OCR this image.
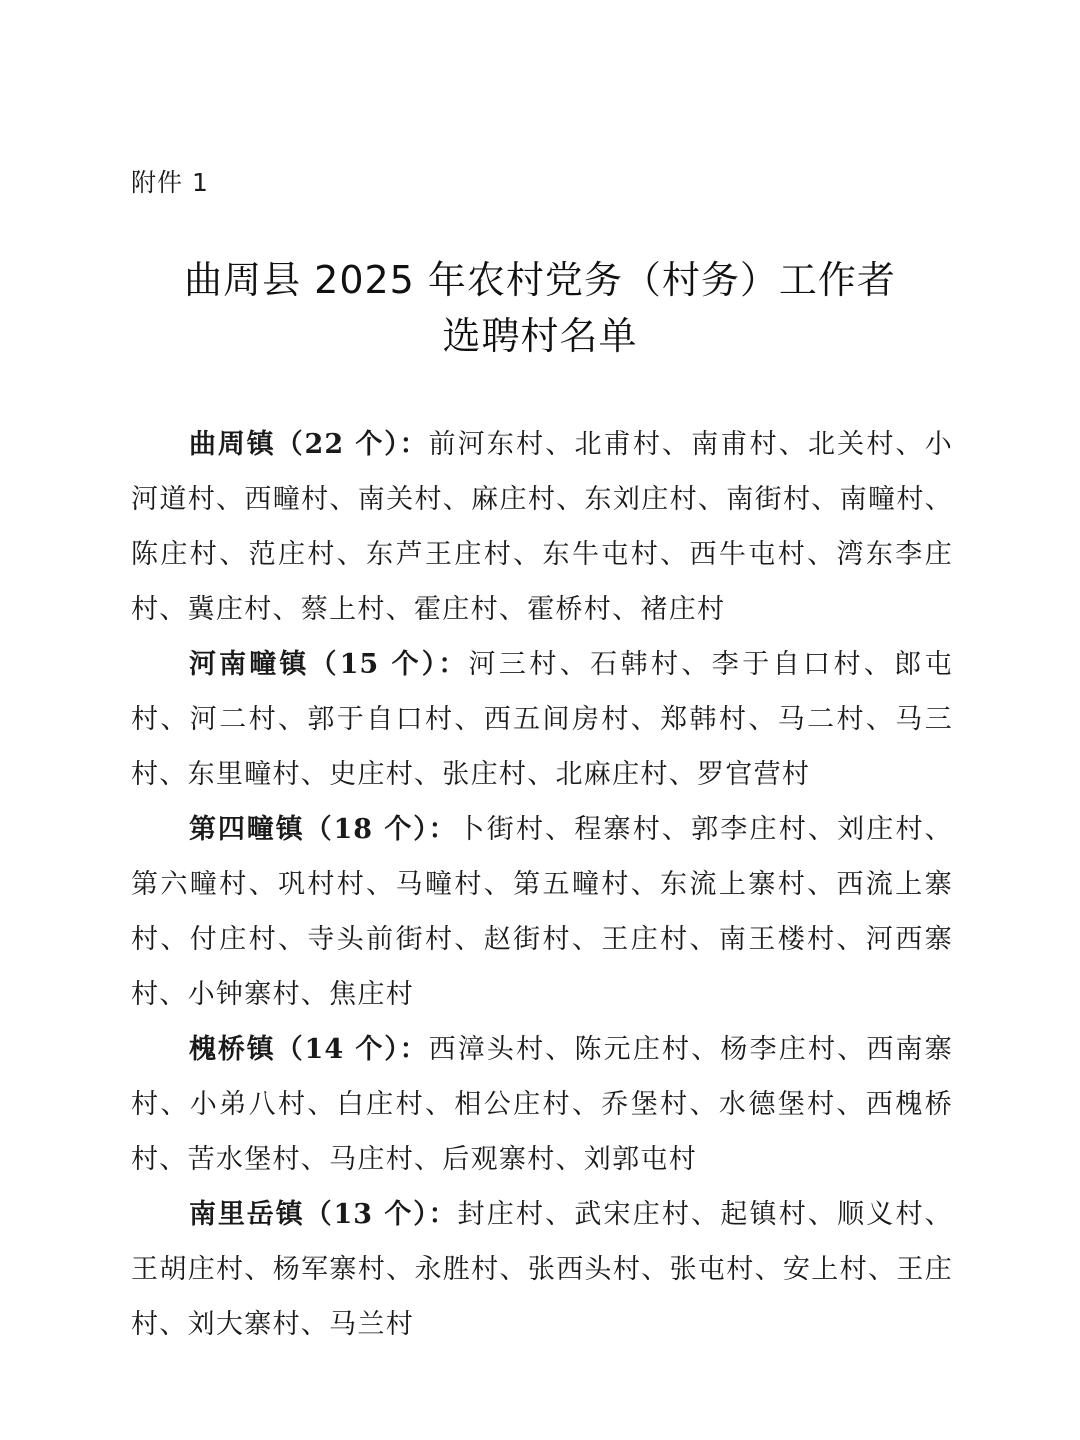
附件 1
曲周县 2025 年农村党务（村务）工作者
选聘村名单

曲周镇（22 个）：前河东村、北甫村、南甫村、北关村、小河道村、西疃村、南关村、麻庄村、东刘庄村、南街村、南疃村、陈庄村、范庄村、东芦王庄村、东牛屯村、西牛屯村、湾东李庄村、冀庄村、蔡上村、霍庄村、霍桥村、褚庄村

河南疃镇（15 个）：河三村、石韩村、李于自口村、郎屯村、河二村、郭于自口村、西五间房村、郑韩村、马二村、马三村、东里疃村、史庄村、张庄村、北麻庄村、罗官营村

第四疃镇（18 个）：卜街村、程寨村、郭李庄村、刘庄村、第六疃村、巩村村、马疃村、第五疃村、东流上寨村、西流上寨村、付庄村、寺头前街村、赵街村、王庄村、南王楼村、河西寨村、小钟寨村、焦庄村

槐桥镇（14 个）：西漳头村、陈元庄村、杨李庄村、西南寨村、小弟八村、白庄村、相公庄村、乔堡村、水德堡村、西槐桥村、苦水堡村、马庄村、后观寨村、刘郭屯村

南里岳镇（13 个）：封庄村、武宋庄村、起镇村、顺义村、王胡庄村、杨军寨村、永胜村、张西头村、张屯村、安上村、王庄村、刘大寨村、马兰村
